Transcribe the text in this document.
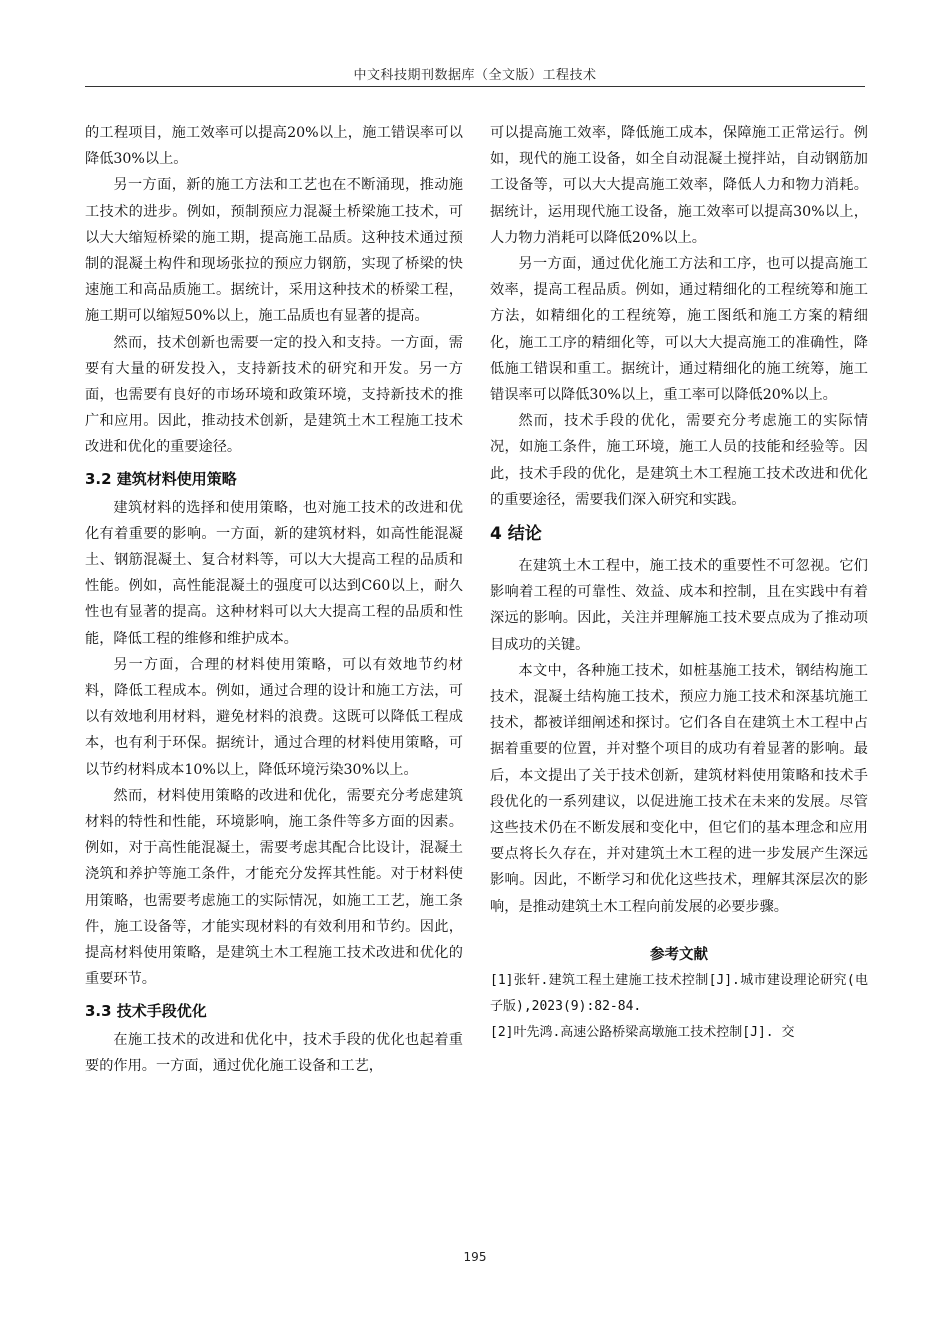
中文科技期刊数据库（全文版）工程技术

的工程项目，施工效率可以提高20%以上，施工错误率可以降低30%以上。

另一方面，新的施工方法和工艺也在不断涌现，推动施工技术的进步。例如，预制预应力混凝土桥梁施工技术，可以大大缩短桥梁的施工期，提高施工品质。这种技术通过预制的混凝土构件和现场张拉的预应力钢筋，实现了桥梁的快速施工和高品质施工。据统计，采用这种技术的桥梁工程，施工期可以缩短50%以上，施工品质也有显著的提高。

然而，技术创新也需要一定的投入和支持。一方面，需要有大量的研发投入，支持新技术的研究和开发。另一方面，也需要有良好的市场环境和政策环境，支持新技术的推广和应用。因此，推动技术创新，是建筑土木工程施工技术改进和优化的重要途径。

3.2 建筑材料使用策略

建筑材料的选择和使用策略，也对施工技术的改进和优化有着重要的影响。一方面，新的建筑材料，如高性能混凝土、钢筋混凝土、复合材料等，可以大大提高工程的品质和性能。例如，高性能混凝土的强度可以达到C60以上，耐久性也有显著的提高。这种材料可以大大提高工程的品质和性能，降低工程的维修和维护成本。

另一方面，合理的材料使用策略，可以有效地节约材料，降低工程成本。例如，通过合理的设计和施工方法，可以有效地利用材料，避免材料的浪费。这既可以降低工程成本，也有利于环保。据统计，通过合理的材料使用策略，可以节约材料成本10%以上，降低环境污染30%以上。

然而，材料使用策略的改进和优化，需要充分考虑建筑材料的特性和性能，环境影响，施工条件等多方面的因素。例如，对于高性能混凝土，需要考虑其配合比设计，混凝土浇筑和养护等施工条件，才能充分发挥其性能。对于材料使用策略，也需要考虑施工的实际情况，如施工工艺，施工条件，施工设备等，才能实现材料的有效利用和节约。因此，提高材料使用策略，是建筑土木工程施工技术改进和优化的重要环节。

3.3 技术手段优化

在施工技术的改进和优化中，技术手段的优化也起着重要的作用。一方面，通过优化施工设备和工艺，

可以提高施工效率，降低施工成本，保障施工正常运行。例如，现代的施工设备，如全自动混凝土搅拌站，自动钢筋加工设备等，可以大大提高施工效率，降低人力和物力消耗。据统计，运用现代施工设备，施工效率可以提高30%以上，人力物力消耗可以降低20%以上。

另一方面，通过优化施工方法和工序，也可以提高施工效率，提高工程品质。例如，通过精细化的工程统筹和施工方法，如精细化的工程统筹，施工图纸和施工方案的精细化，施工工序的精细化等，可以大大提高施工的准确性，降低施工错误和重工。据统计，通过精细化的施工统筹，施工错误率可以降低30%以上，重工率可以降低20%以上。

然而，技术手段的优化，需要充分考虑施工的实际情况，如施工条件，施工环境，施工人员的技能和经验等。因此，技术手段的优化，是建筑土木工程施工技术改进和优化的重要途径，需要我们深入研究和实践。

4 结论

在建筑土木工程中，施工技术的重要性不可忽视。它们影响着工程的可靠性、效益、成本和控制，且在实践中有着深远的影响。因此，关注并理解施工技术要点成为了推动项目成功的关键。

本文中，各种施工技术，如桩基施工技术，钢结构施工技术，混凝土结构施工技术，预应力施工技术和深基坑施工技术，都被详细阐述和探讨。它们各自在建筑土木工程中占据着重要的位置，并对整个项目的成功有着显著的影响。最后，本文提出了关于技术创新，建筑材料使用策略和技术手段优化的一系列建议，以促进施工技术在未来的发展。尽管这些技术仍在不断发展和变化中，但它们的基本理念和应用要点将长久存在，并对建筑土木工程的进一步发展产生深远影响。因此，不断学习和优化这些技术，理解其深层次的影响，是推动建筑土木工程向前发展的必要步骤。

参考文献
[1]张轩.建筑工程土建施工技术控制[J].城市建设理论研究(电子版),2023(9):82-84.
[2]叶先鸿.高速公路桥梁高墩施工技术控制[J]. 交
195
